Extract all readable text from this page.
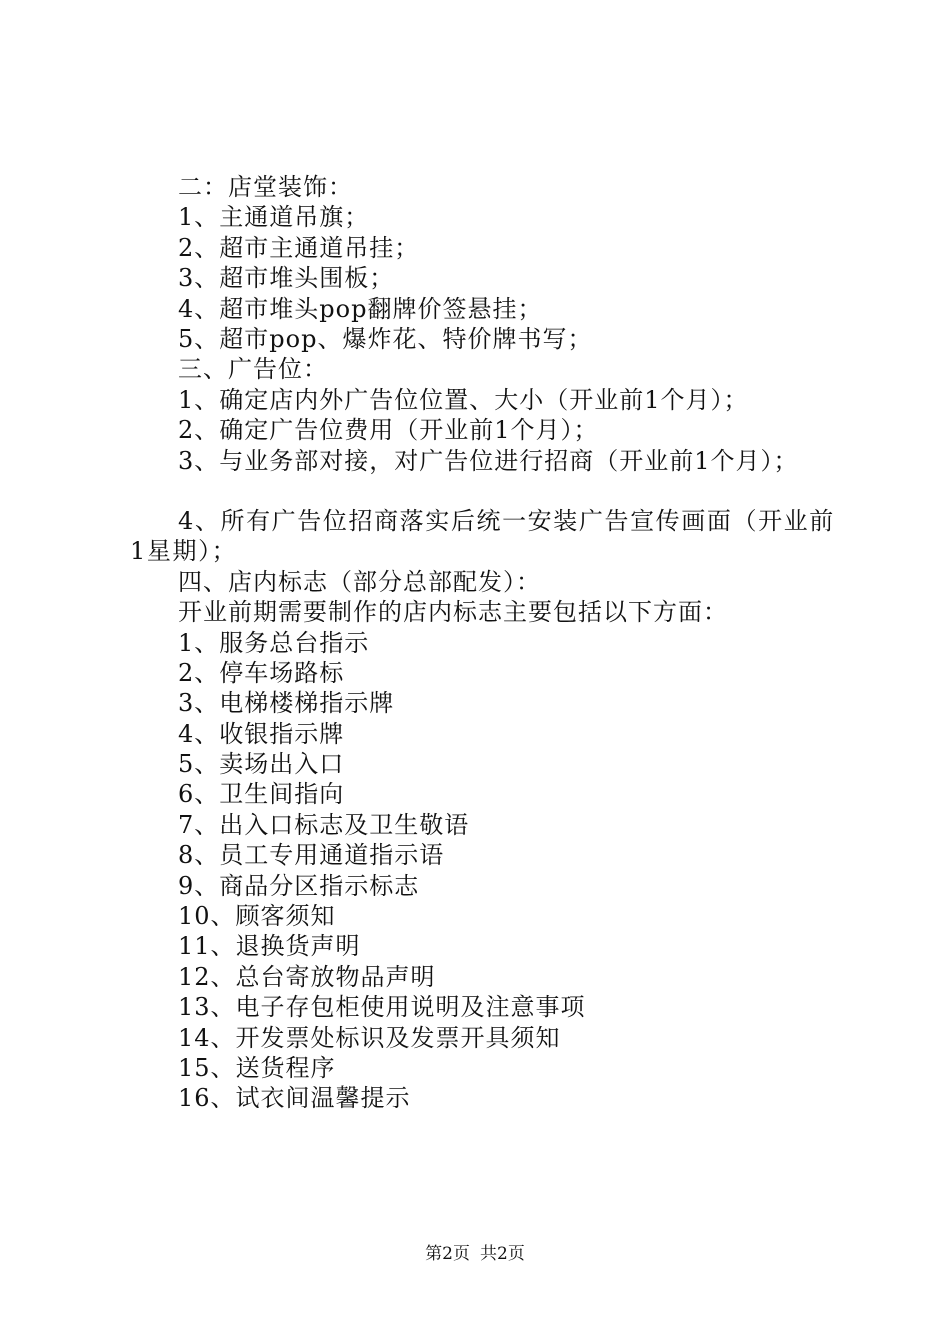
二：店堂装饰：
1、主通道吊旗；
2、超市主通道吊挂；
3、超市堆头围板；
4、超市堆头pop翻牌价签悬挂；
5、超市pop、爆炸花、特价牌书写；
三、广告位：
1、确定店内外广告位位置、大小（开业前1个月）；
2、确定广告位费用（开业前1个月）；
3、与业务部对接，对广告位进行招商（开业前1个月）；
4、所有广告位招商落实后统一安装广告宣传画面（开业前1星期）；
四、店内标志（部分总部配发）：
开业前期需要制作的店内标志主要包括以下方面：
1、服务总台指示
2、停车场路标
3、电梯楼梯指示牌
4、收银指示牌
5、卖场出入口
6、卫生间指向
7、出入口标志及卫生敬语
8、员工专用通道指示语
9、商品分区指示标志
10、顾客须知
11、退换货声明
12、总台寄放物品声明
13、电子存包柜使用说明及注意事项
14、开发票处标识及发票开具须知
15、送货程序
16、试衣间温馨提示
第2页 共2页
